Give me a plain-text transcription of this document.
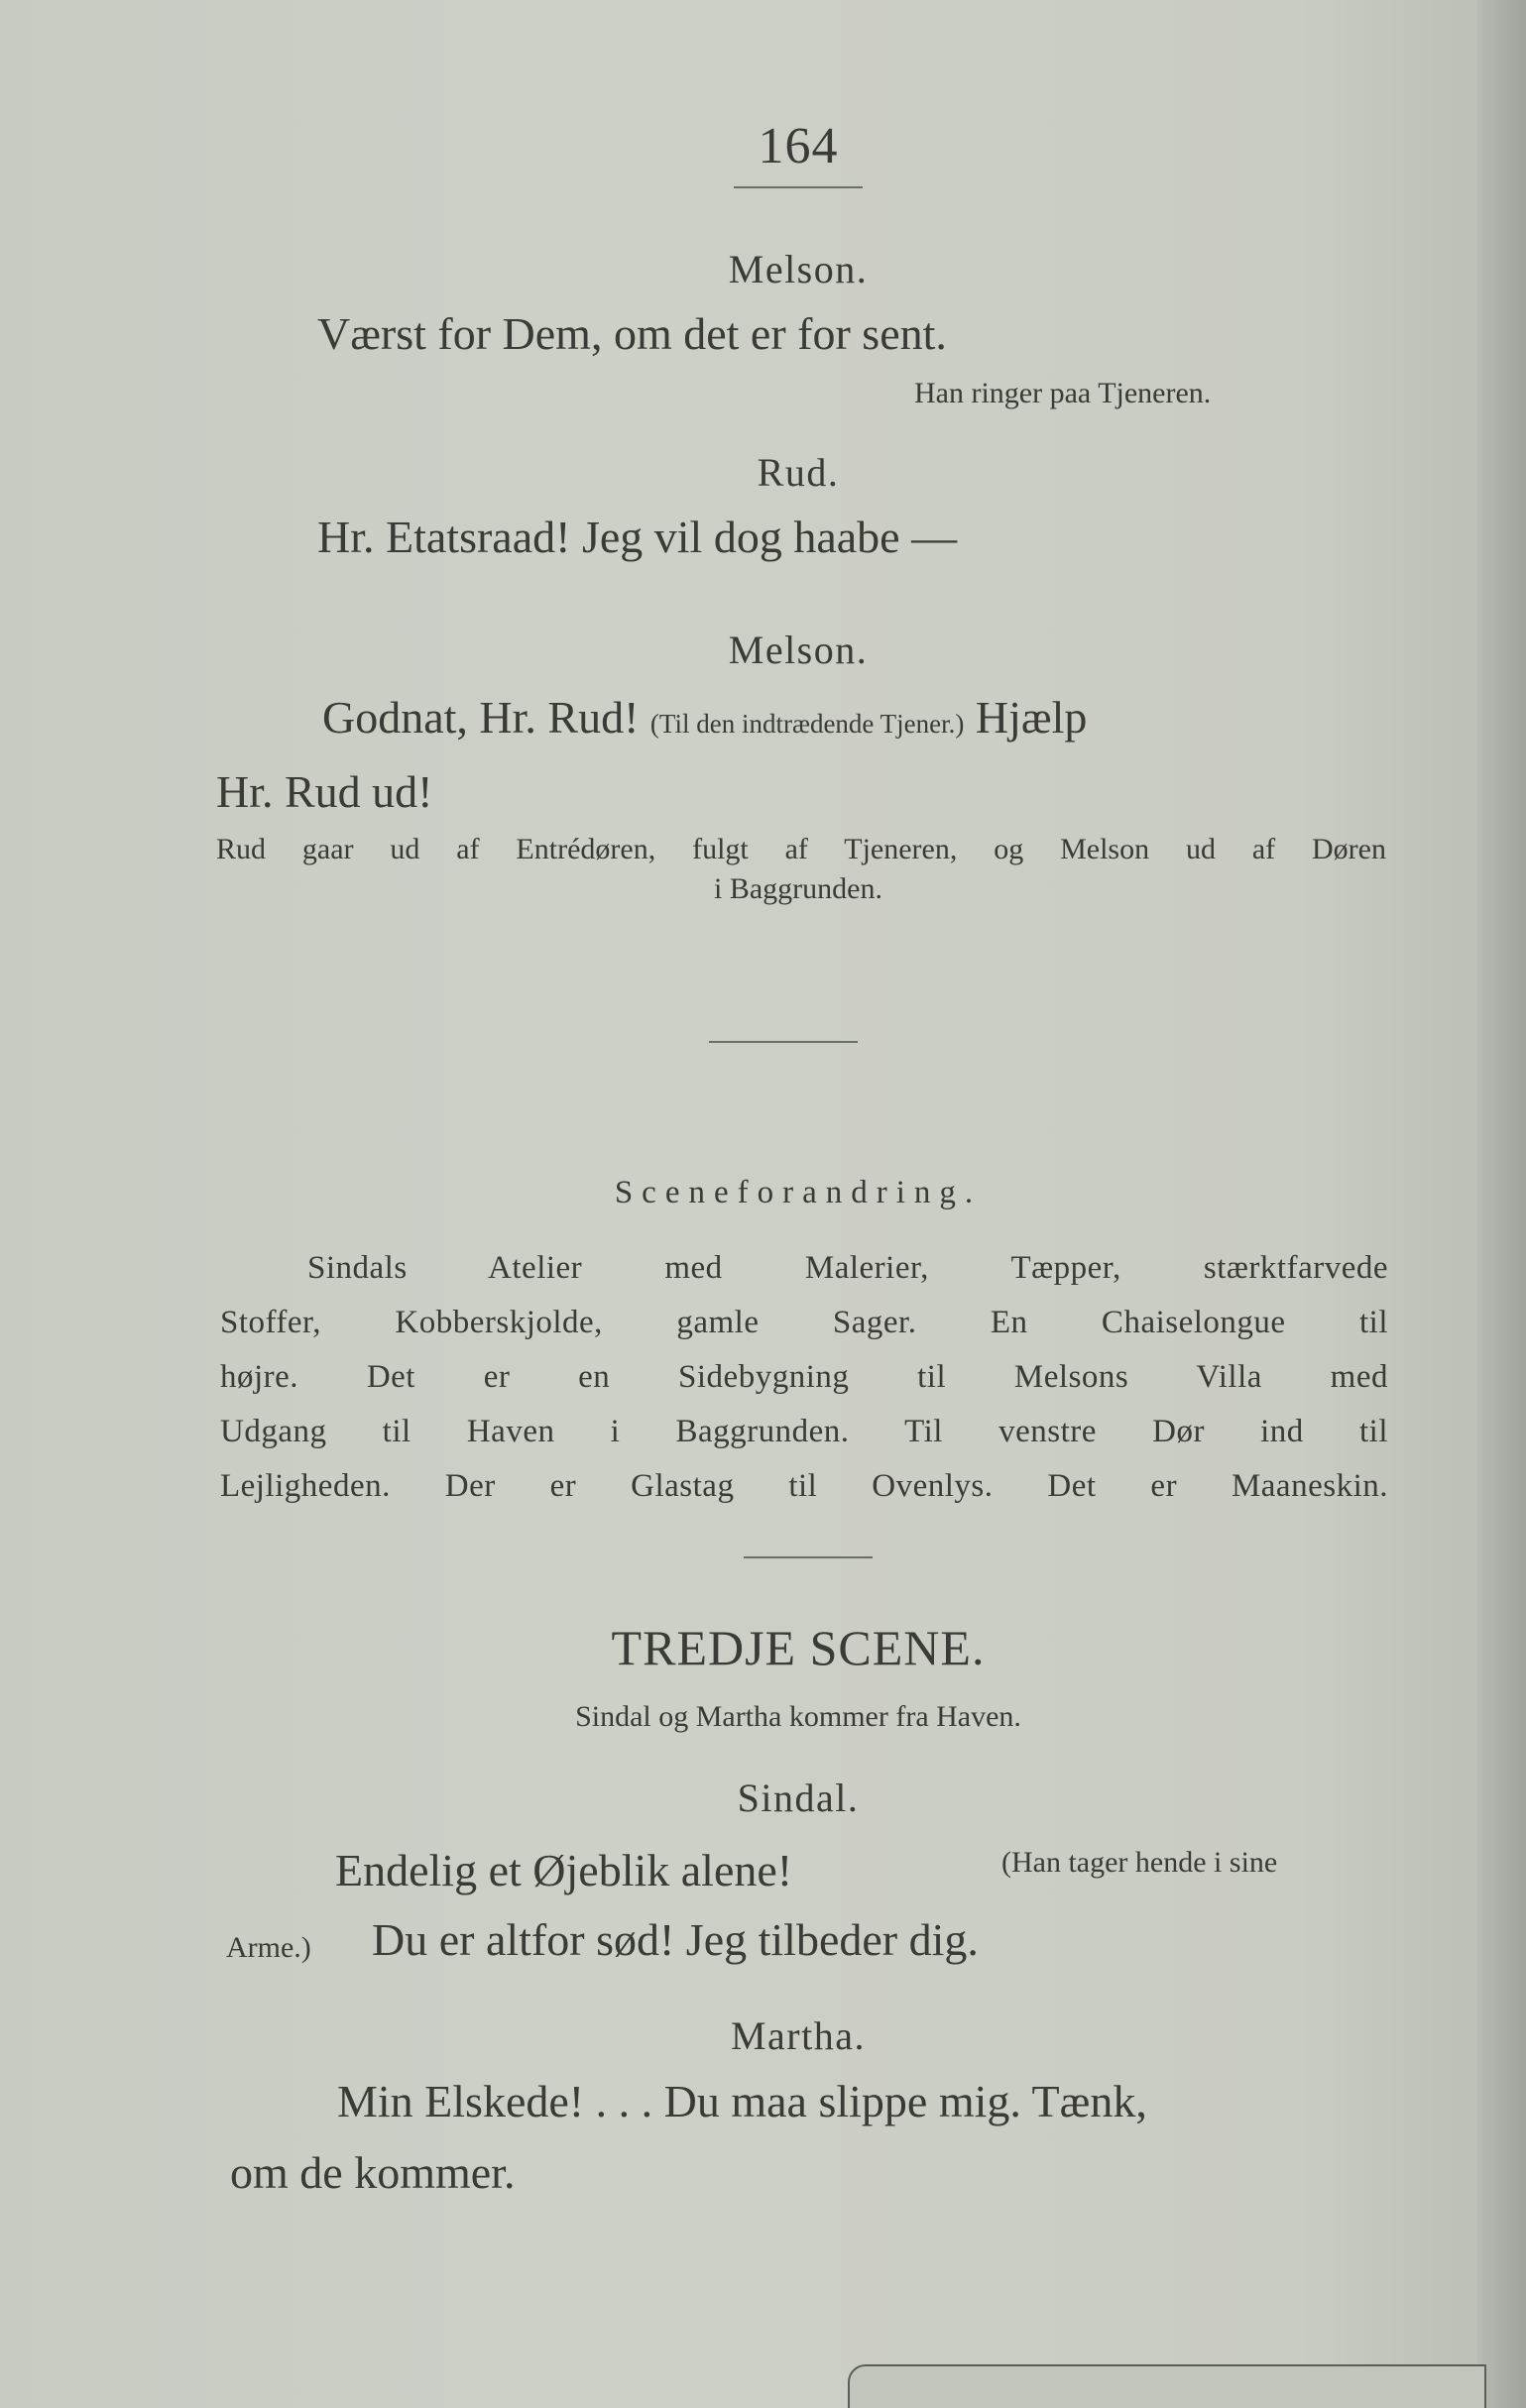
164
Melson.
Værst for Dem, om det er for sent.
Han ringer paa Tjeneren.
Rud.
Hr. Etatsraad! Jeg vil dog haabe —
Melson.
Godnat, Hr. Rud! (Til den indtrædende Tjener.) Hjælp
Hr. Rud ud!
Rud gaar ud af Entrédøren, fulgt af Tjeneren, og Melson ud af Døren
i Baggrunden.
Sceneforandring.
Sindals Atelier med Malerier, Tæpper, stærktfarvede
Stoffer, Kobberskjolde, gamle Sager. En Chaiselongue til
højre. Det er en Sidebygning til Melsons Villa med
Udgang til Haven i Baggrunden. Til venstre Dør ind til
Lejligheden. Der er Glastag til Ovenlys. Det er Maaneskin.
TREDJE SCENE.
Sindal og Martha kommer fra Haven.
Sindal.
Endelig et Øjeblik alene!	(Han tager hende i sine
Arme.) Du er altfor sød! Jeg tilbeder dig.
Martha.
Min Elskede! . . . Du maa slippe mig. Tænk,
om de kommer.
